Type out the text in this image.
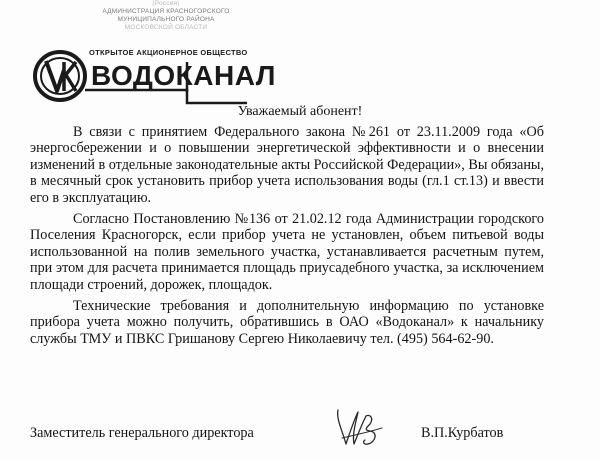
(Россия)
АДМИНИСТРАЦИЯ КРАСНОГОРСКОГО
МУНИЦИПАЛЬНОГО РАЙОНА
МОСКОВСКОЙ ОБЛАСТИ
ОТКРЫТОЕ АКЦИОНЕРНОЕ ОБЩЕСТВО
ВОДОКАНАЛ
Уважаемый абонент!

В связи с принятием Федерального закона №261 от 23.11.2009 года «Об энергосбережении и о повышении энергетической эффективности и о внесении изменений в отдельные законодательные акты Российской Федерации», Вы обязаны, в месячный срок установить прибор учета использования воды (гл.1 ст.13) и ввести его в эксплуатацию.

Согласно Постановлению №136 от 21.02.12 года Администрации городского Поселения Красногорск, если прибор учета не установлен, объем питьевой воды использованной на полив земельного участка, устанавливается расчетным путем, при этом для расчета принимается площадь приусадебного участка, за исключением площади строений, дорожек, площадок.

Технические требования и дополнительную информацию по установке прибора учета можно получить, обратившись в ОАО «Водоканал» к начальнику службы ТМУ и ПВКС Гришанову Сергею Николаевичу тел. (495) 564-62-90.

Заместитель генерального директора	В.П.Курбатов
